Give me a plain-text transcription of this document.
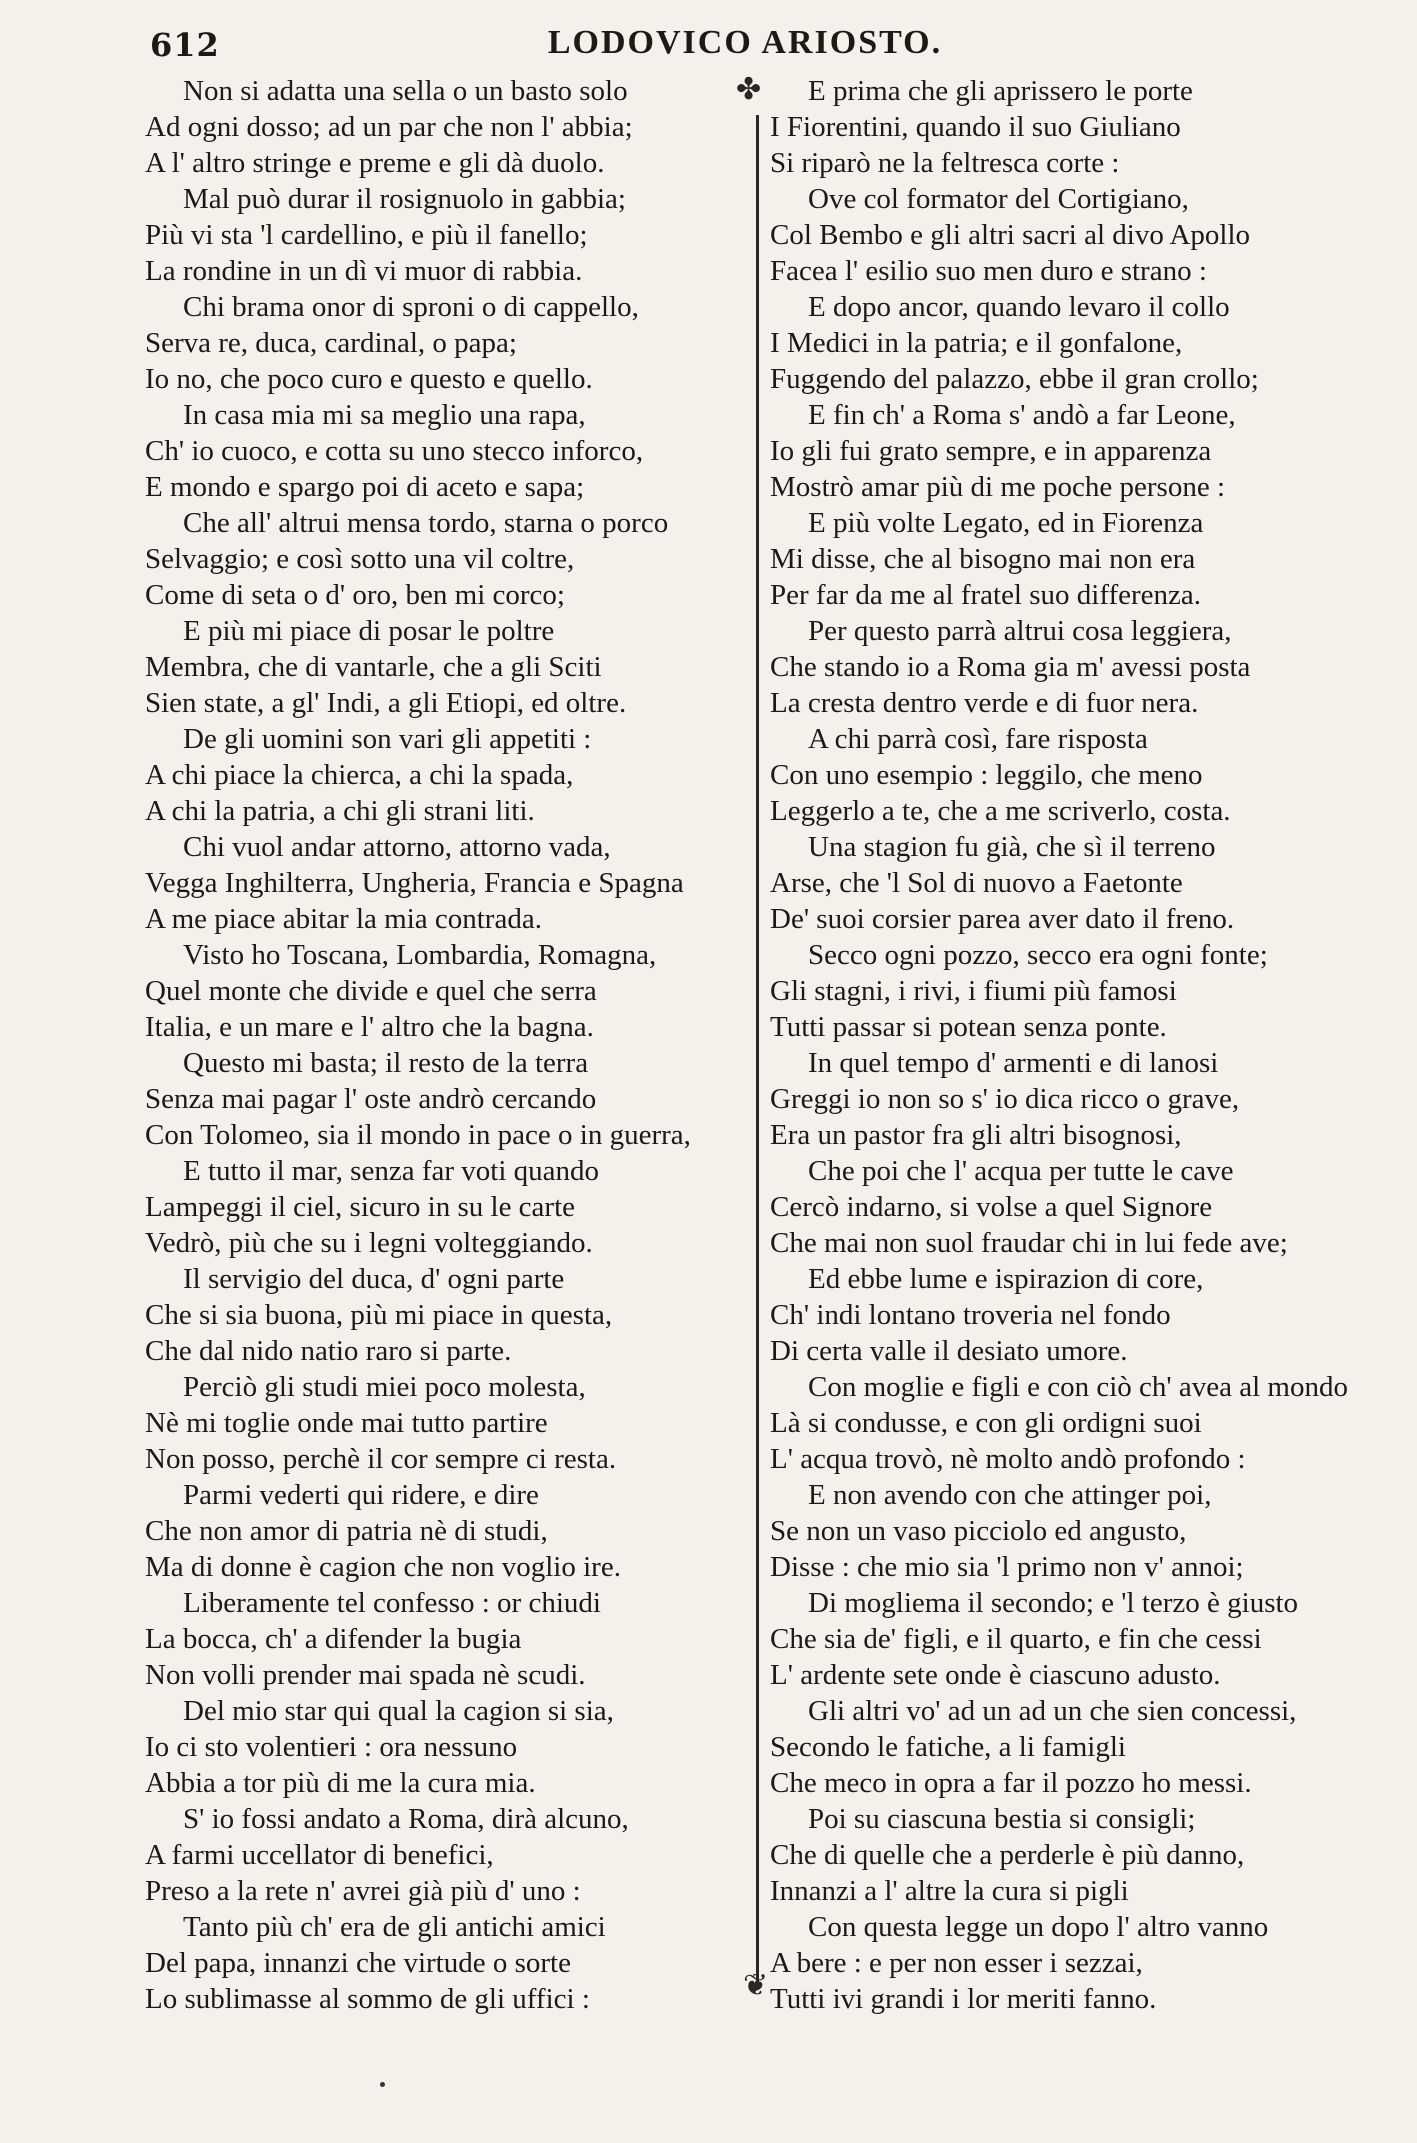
612	LODOVICO ARIOSTO.
✤
❦
Non si adatta una sella o un basto solo
Ad ogni dosso; ad un par che non l' abbia;
A l' altro stringe e preme e gli dà duolo.
Mal può durar il rosignuolo in gabbia;
Più vi sta 'l cardellino, e più il fanello;
La rondine in un dì vi muor di rabbia.
Chi brama onor di sproni o di cappello,
Serva re, duca, cardinal, o papa;
Io no, che poco curo e questo e quello.
In casa mia mi sa meglio una rapa,
Ch' io cuoco, e cotta su uno stecco inforco,
E mondo e spargo poi di aceto e sapa;
Che all' altrui mensa tordo, starna o porco
Selvaggio; e così sotto una vil coltre,
Come di seta o d' oro, ben mi corco;
E più mi piace di posar le poltre
Membra, che di vantarle, che a gli Sciti
Sien state, a gl' Indi, a gli Etiopi, ed oltre.
De gli uomini son vari gli appetiti :
A chi piace la chierca, a chi la spada,
A chi la patria, a chi gli strani liti.
Chi vuol andar attorno, attorno vada,
Vegga Inghilterra, Ungheria, Francia e Spagna
A me piace abitar la mia contrada.
Visto ho Toscana, Lombardia, Romagna,
Quel monte che divide e quel che serra
Italia, e un mare e l' altro che la bagna.
Questo mi basta; il resto de la terra
Senza mai pagar l' oste andrò cercando
Con Tolomeo, sia il mondo in pace o in guerra,
E tutto il mar, senza far voti quando
Lampeggi il ciel, sicuro in su le carte
Vedrò, più che su i legni volteggiando.
Il servigio del duca, d' ogni parte
Che si sia buona, più mi piace in questa,
Che dal nido natio raro si parte.
Perciò gli studi miei poco molesta,
Nè mi toglie onde mai tutto partire
Non posso, perchè il cor sempre ci resta.
Parmi vederti qui ridere, e dire
Che non amor di patria nè di studi,
Ma di donne è cagion che non voglio ire.
Liberamente tel confesso : or chiudi
La bocca, ch' a difender la bugia
Non volli prender mai spada nè scudi.
Del mio star qui qual la cagion si sia,
Io ci sto volentieri : ora nessuno
Abbia a tor più di me la cura mia.
S' io fossi andato a Roma, dirà alcuno,
A farmi uccellator di benefici,
Preso a la rete n' avrei già più d' uno :
Tanto più ch' era de gli antichi amici
Del papa, innanzi che virtude o sorte
Lo sublimasse al sommo de gli uffici :
E prima che gli aprissero le porte
I Fiorentini, quando il suo Giuliano
Si riparò ne la feltresca corte :
Ove col formator del Cortigiano,
Col Bembo e gli altri sacri al divo Apollo
Facea l' esilio suo men duro e strano :
E dopo ancor, quando levaro il collo
I Medici in la patria; e il gonfalone,
Fuggendo del palazzo, ebbe il gran crollo;
E fin ch' a Roma s' andò a far Leone,
Io gli fui grato sempre, e in apparenza
Mostrò amar più di me poche persone :
E più volte Legato, ed in Fiorenza
Mi disse, che al bisogno mai non era
Per far da me al fratel suo differenza.
Per questo parrà altrui cosa leggiera,
Che stando io a Roma gia m' avessi posta
La cresta dentro verde e di fuor nera.
A chi parrà così, fare risposta
Con uno esempio : leggilo, che meno
Leggerlo a te, che a me scriverlo, costa.
Una stagion fu già, che sì il terreno
Arse, che 'l Sol di nuovo a Faetonte
De' suoi corsier parea aver dato il freno.
Secco ogni pozzo, secco era ogni fonte;
Gli stagni, i rivi, i fiumi più famosi
Tutti passar si potean senza ponte.
In quel tempo d' armenti e di lanosi
Greggi io non so s' io dica ricco o grave,
Era un pastor fra gli altri bisognosi,
Che poi che l' acqua per tutte le cave
Cercò indarno, si volse a quel Signore
Che mai non suol fraudar chi in lui fede ave;
Ed ebbe lume e ispirazion di core,
Ch' indi lontano troveria nel fondo
Di certa valle il desiato umore.
Con moglie e figli e con ciò ch' avea al mondo
Là si condusse, e con gli ordigni suoi
L' acqua trovò, nè molto andò profondo :
E non avendo con che attinger poi,
Se non un vaso picciolo ed angusto,
Disse : che mio sia 'l primo non v' annoi;
Di mogliema il secondo; e 'l terzo è giusto
Che sia de' figli, e il quarto, e fin che cessi
L' ardente sete onde è ciascuno adusto.
Gli altri vo' ad un ad un che sien concessi,
Secondo le fatiche, a li famigli
Che meco in opra a far il pozzo ho messi.
Poi su ciascuna bestia si consigli;
Che di quelle che a perderle è più danno,
Innanzi a l' altre la cura si pigli
Con questa legge un dopo l' altro vanno
A bere : e per non esser i sezzai,
Tutti ivi grandi i lor meriti fanno.
